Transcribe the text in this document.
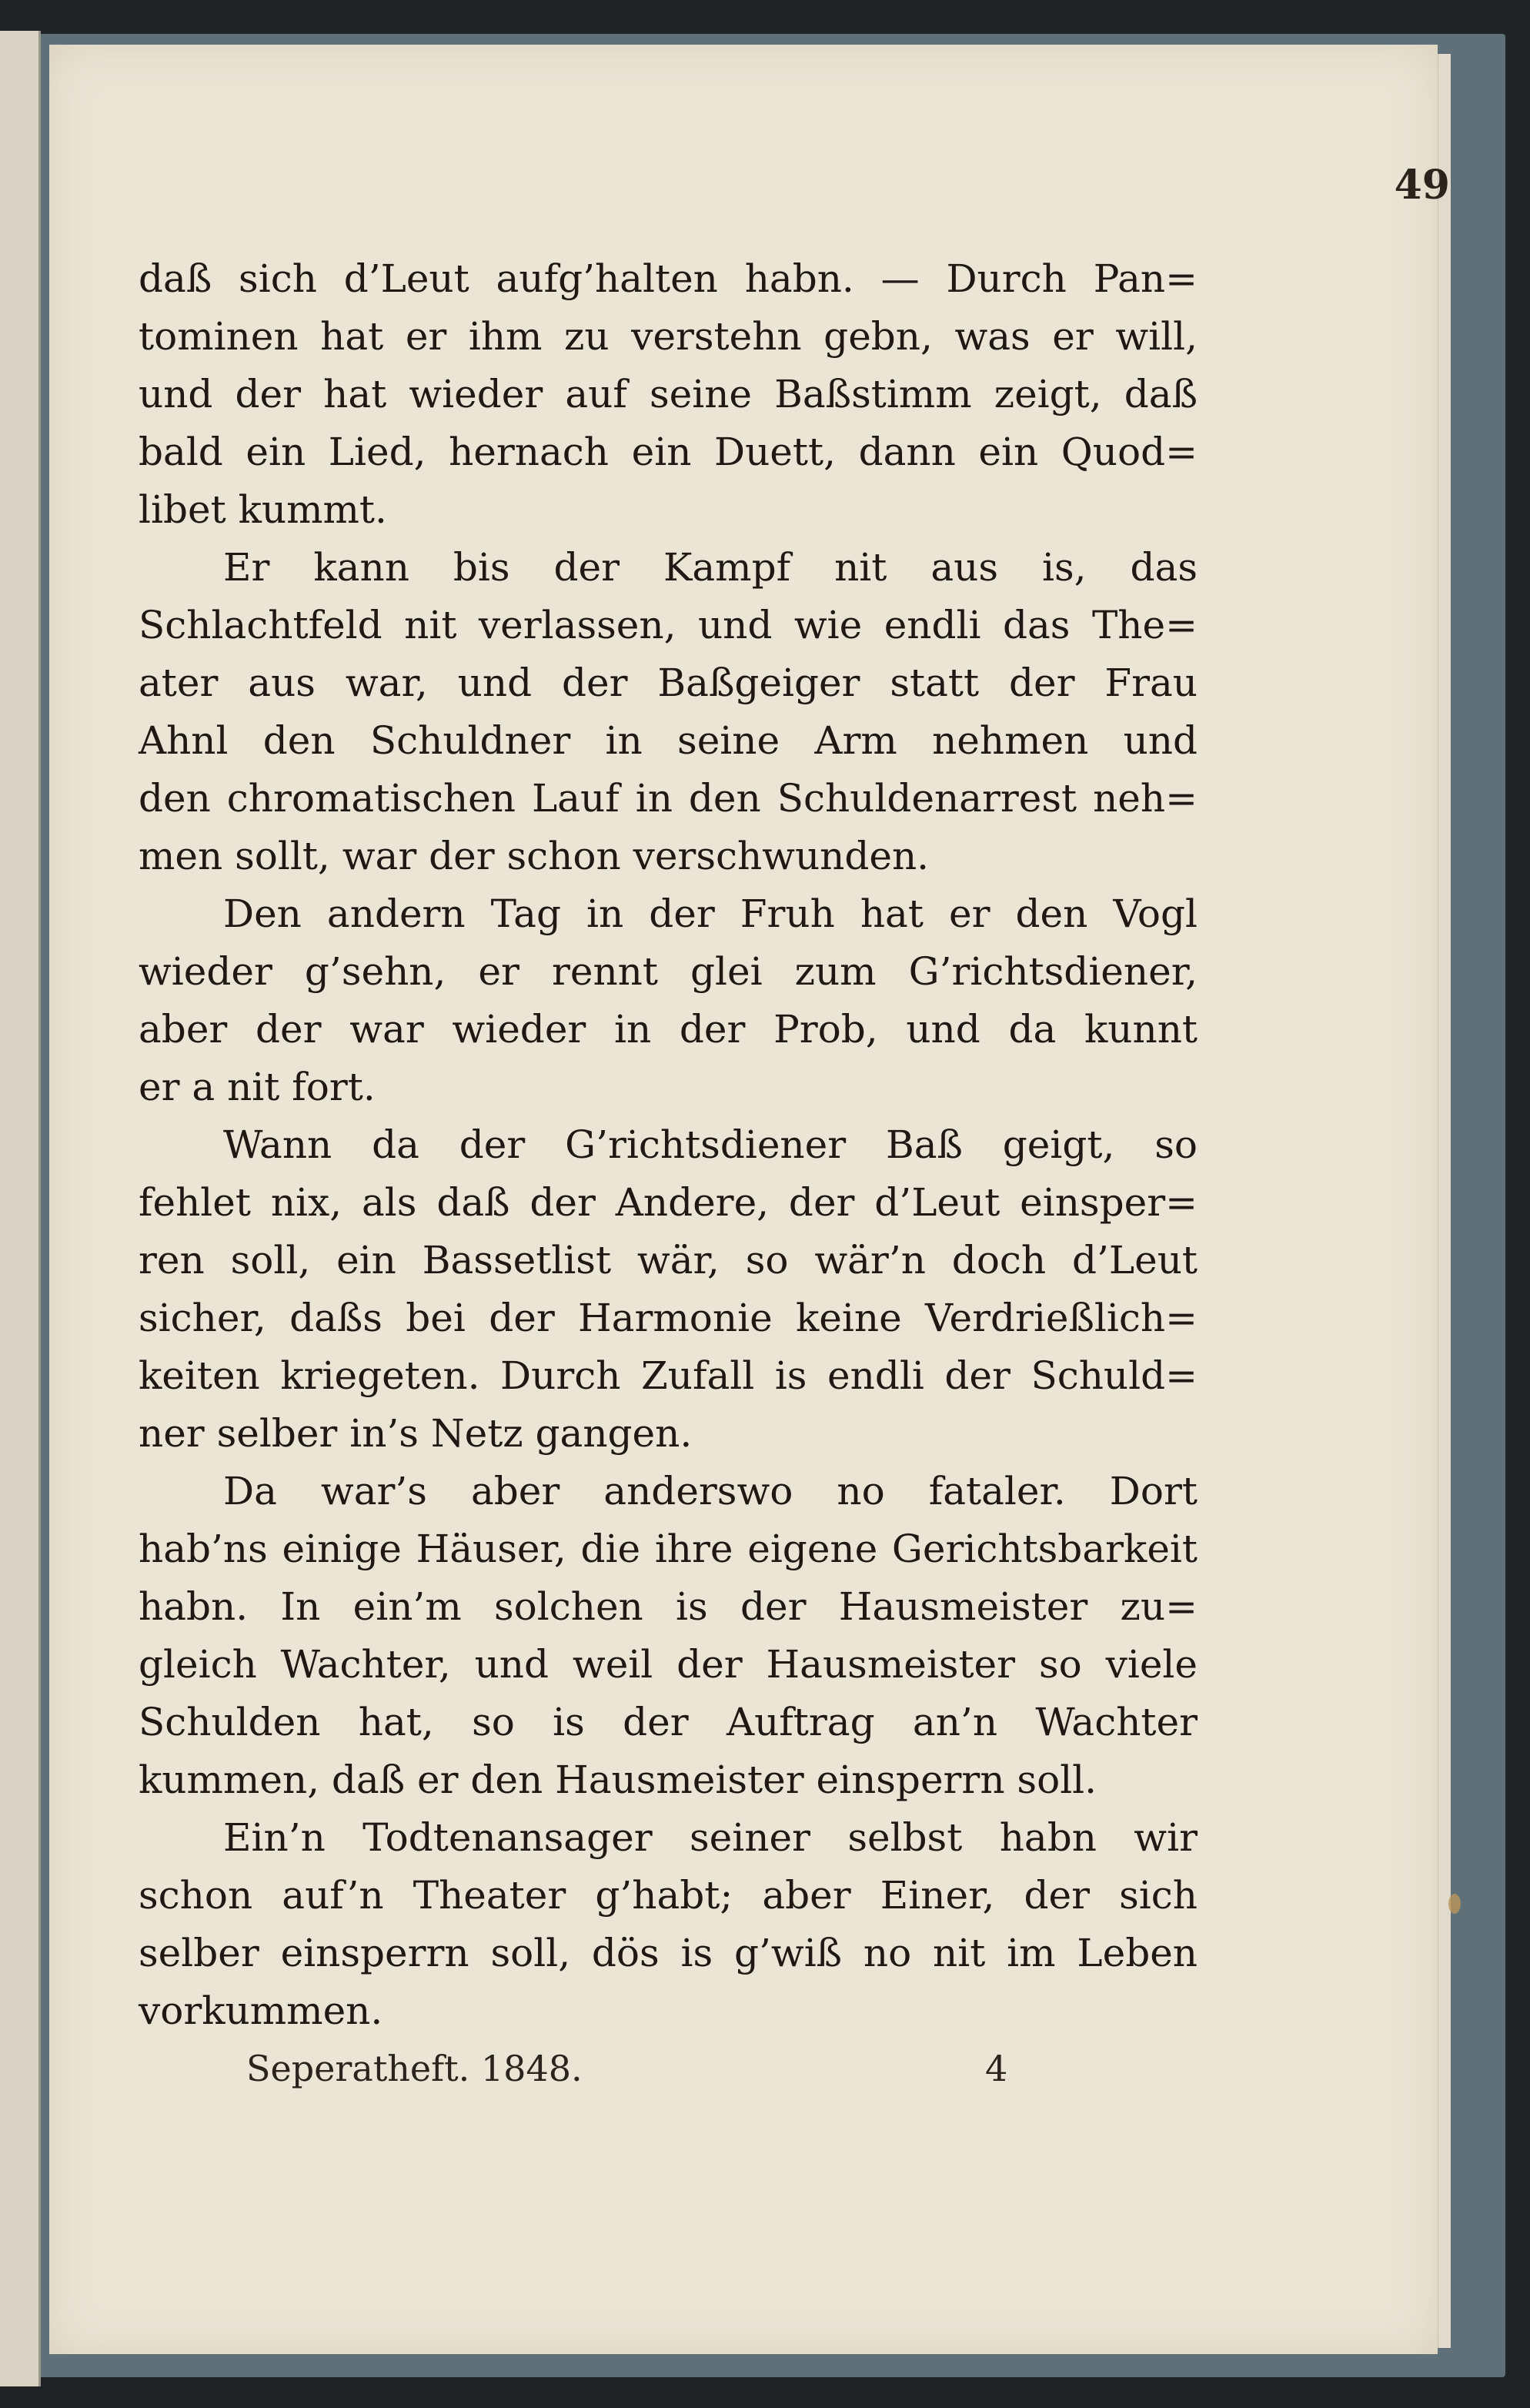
49
daß sich d’Leut aufg’halten habn. — Durch Pan=
tominen hat er ihm zu verstehn gebn, was er will,
und der hat wieder auf seine Baßstimm zeigt, daß
bald ein Lied, hernach ein Duett, dann ein Quod=
libet kummt.
Er kann bis der Kampf nit aus is, das
Schlachtfeld nit verlassen, und wie endli das The=
ater aus war, und der Baßgeiger statt der Frau
Ahnl den Schuldner in seine Arm nehmen und
den chromatischen Lauf in den Schuldenarrest neh=
men sollt, war der schon verschwunden.
Den andern Tag in der Fruh hat er den Vogl
wieder g’sehn, er rennt glei zum G’richtsdiener,
aber der war wieder in der Prob, und da kunnt
er a nit fort.
Wann da der G’richtsdiener Baß geigt, so
fehlet nix, als daß der Andere, der d’Leut einsper=
ren soll, ein Bassetlist wär, so wär’n doch d’Leut
sicher, daßs bei der Harmonie keine Verdrießlich=
keiten kriegeten. Durch Zufall is endli der Schuld=
ner selber in’s Netz gangen.
Da war’s aber anderswo no fataler. Dort
hab’ns einige Häuser, die ihre eigene Gerichtsbarkeit
habn. In ein’m solchen is der Hausmeister zu=
gleich Wachter, und weil der Hausmeister so viele
Schulden hat, so is der Auftrag an’n Wachter
kummen, daß er den Hausmeister einsperrn soll.
Ein’n Todtenansager seiner selbst habn wir
schon auf’n Theater g’habt; aber Einer, der sich
selber einsperrn soll, dös is g’wiß no nit im Leben
vorkummen.
Seperatheft. 1848.	4
